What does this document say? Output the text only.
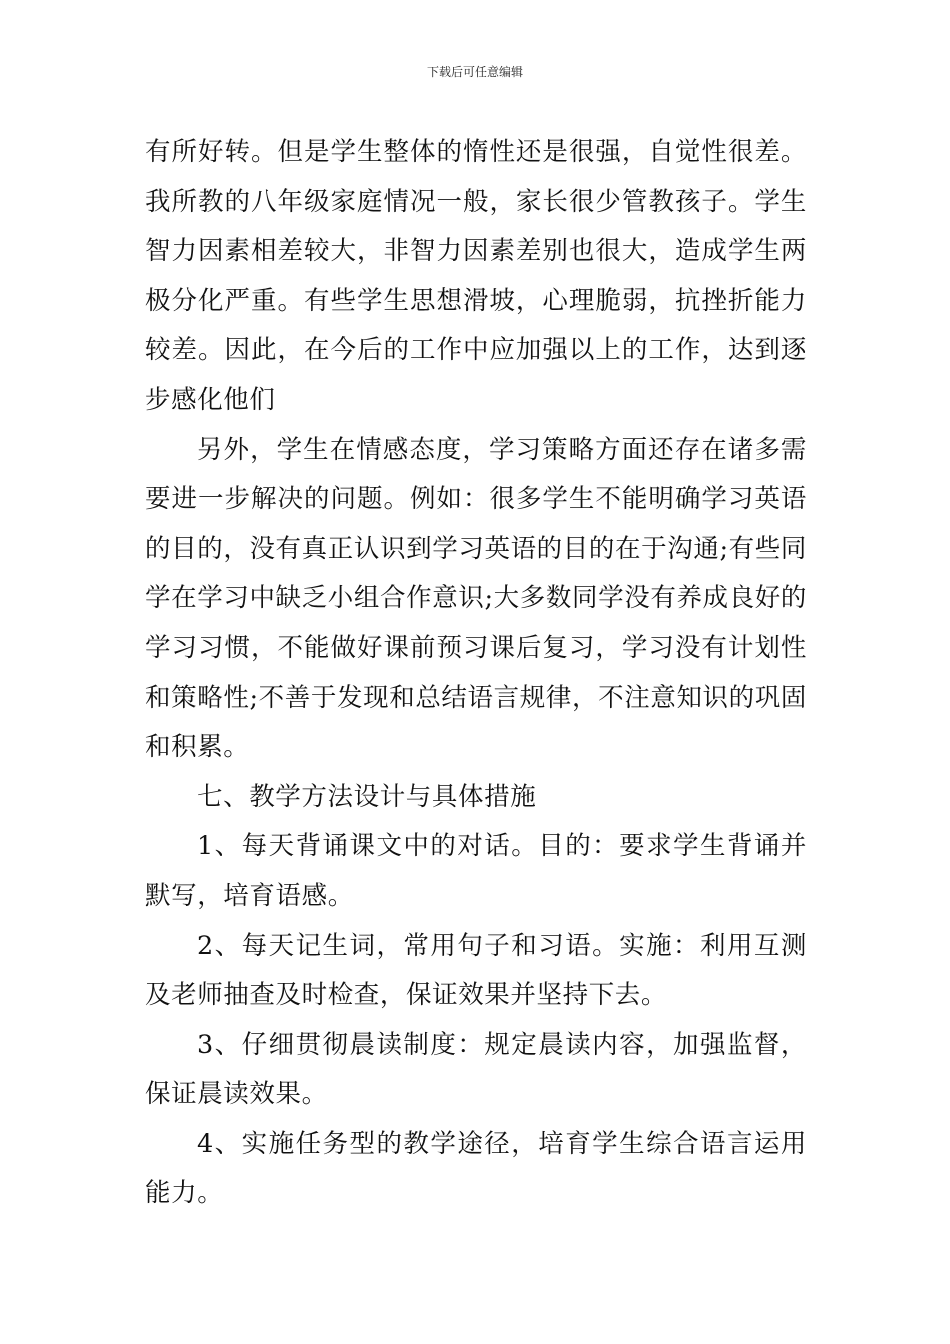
下载后可任意编辑

有所好转。但是学生整体的惰性还是很强，自觉性很差。我所教的八年级家庭情况一般，家长很少管教孩子。学生智力因素相差较大，非智力因素差别也很大，造成学生两极分化严重。有些学生思想滑坡，心理脆弱，抗挫折能力较差。因此，在今后的工作中应加强以上的工作，达到逐步感化他们

另外，学生在情感态度，学习策略方面还存在诸多需要进一步解决的问题。例如：很多学生不能明确学习英语的目的，没有真正认识到学习英语的目的在于沟通;有些同学在学习中缺乏小组合作意识;大多数同学没有养成良好的学习习惯，不能做好课前预习课后复习，学习没有计划性和策略性;不善于发现和总结语言规律，不注意知识的巩固和积累。

七、教学方法设计与具体措施

1、每天背诵课文中的对话。目的：要求学生背诵并默写，培育语感。

2、每天记生词，常用句子和习语。实施：利用互测及老师抽查及时检查，保证效果并坚持下去。

3、仔细贯彻晨读制度：规定晨读内容，加强监督，保证晨读效果。

4、实施任务型的教学途径，培育学生综合语言运用能力。
